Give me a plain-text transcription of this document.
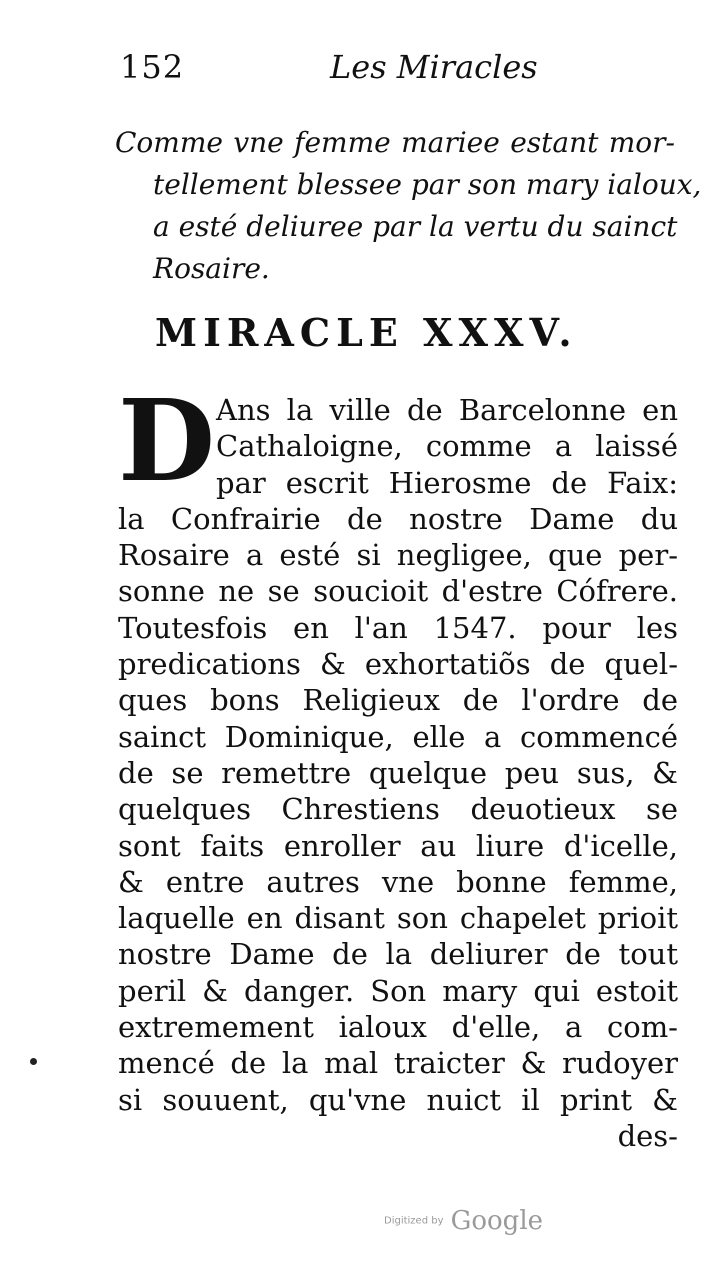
152	Les Miracles
Comme vne femme mariee estant mor-
tellement blessee par son mary ialoux,
a esté deliuree par la vertu du sainct
Rosaire.
MIRACLE XXXV.
D Ans la ville de Barcelonne en
Cathaloigne, comme a laissé
par escrit Hierosme de Faix:
la Confrairie de nostre Dame du
Rosaire a esté si negligee, que per-
sonne ne se soucioit d'estre Cófrere.
Toutesfois en l'an 1547. pour les
predications & exhortatiõs de quel-
ques bons Religieux de l'ordre de
sainct Dominique, elle a commencé
de se remettre quelque peu sus, &
quelques Chrestiens deuotieux se
sont faits enroller au liure d'icelle,
& entre autres vne bonne femme,
laquelle en disant son chapelet prioit
nostre Dame de la deliurer de tout
peril & danger. Son mary qui estoit
extremement ialoux d'elle, a com-
mencé de la mal traicter & rudoyer
si souuent, qu'vne nuict il print &
des-
Digitized by Google
